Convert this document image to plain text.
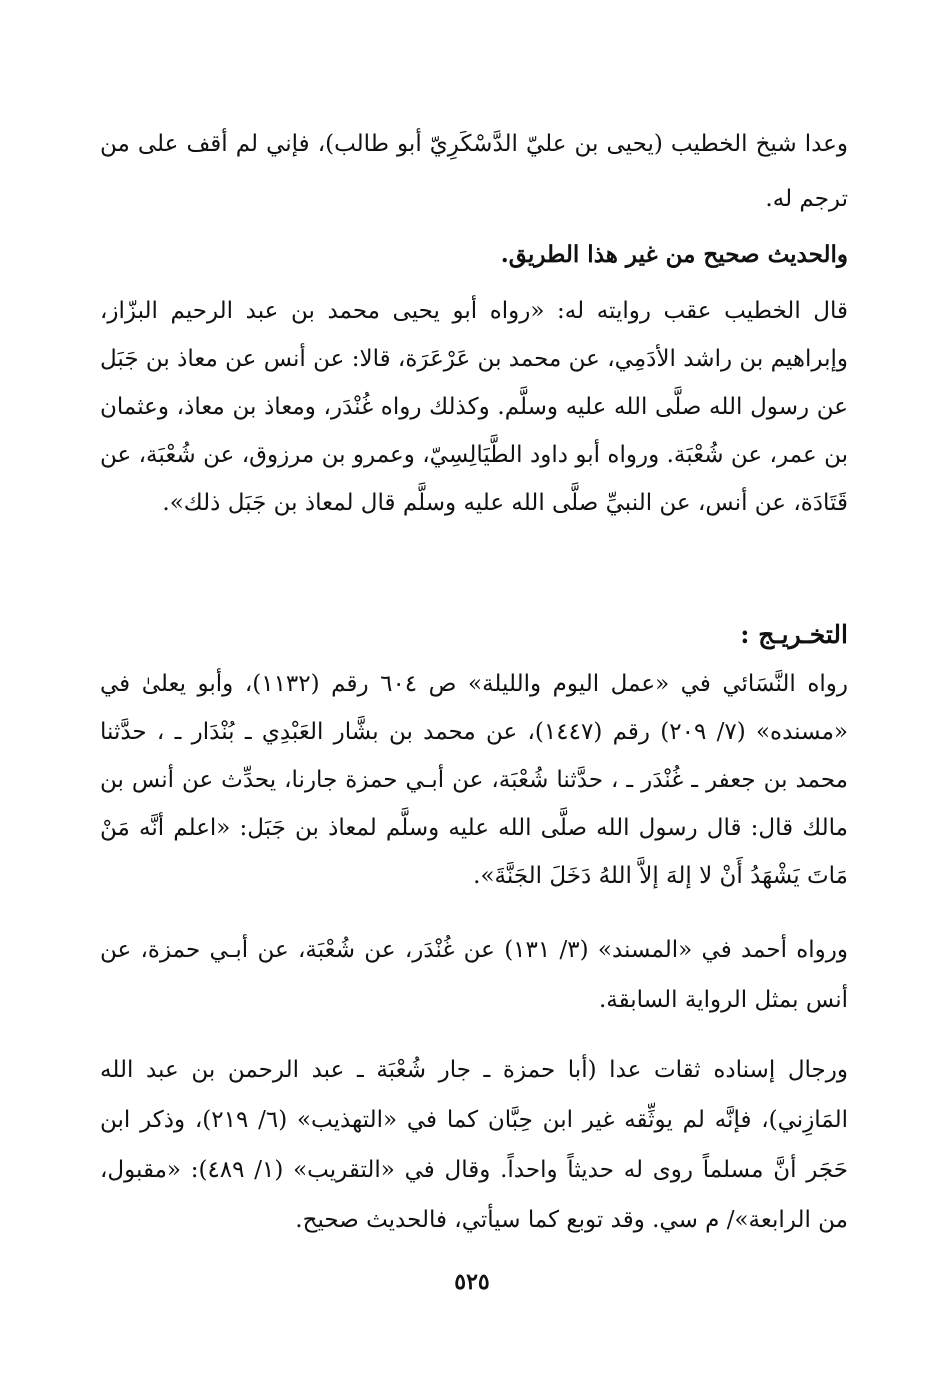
وعدا شيخ الخطيب (يحيى بن عليّ الدَّسْكَرِيّ أبو طالب)، فإني لم أقف على من ترجم له.

والحديث صحيح من غير هذا الطريق.

قال الخطيب عقب روايته له: «رواه أبو يحيى محمد بن عبد الرحيم البزّاز، وإبراهيم بن راشد الأدَمِي، عن محمد بن عَرْعَرَة، قالا: عن أنس عن معاذ بن جَبَل عن رسول الله صلَّى الله عليه وسلَّم. وكذلك رواه غُنْدَر، ومعاذ بن معاذ، وعثمان بن عمر، عن شُعْبَة. ورواه أبو داود الطَّيَالِسِيّ، وعمرو بن مرزوق، عن شُعْبَة، عن قَتَادَة، عن أنس، عن النبيِّ صلَّى الله عليه وسلَّم قال لمعاذ بن جَبَل ذلك».

التخـريـج :

رواه النَّسَائي في «عمل اليوم والليلة» ص ٦٠٤ رقم (١١٣٢)، وأبو يعلىٰ في «مسنده» (٧/ ٢٠٩) رقم (١٤٤٧)، عن محمد بن بشَّار العَبْدِي ـ بُنْدَار ـ ، حدَّثنا محمد بن جعفر ـ غُنْدَر ـ ، حدَّثنا شُعْبَة، عن أبـي حمزة جارنا، يحدِّث عن أنس بن مالك قال: قال رسول الله صلَّى الله عليه وسلَّم لمعاذ بن جَبَل: «اعلم أنَّه مَنْ مَاتَ يَشْهَدُ أَنْ لا إلهَ إلاَّ اللهُ دَخَلَ الجَنَّةَ».

ورواه أحمد في «المسند» (٣/ ١٣١) عن غُنْدَر، عن شُعْبَة، عن أبـي حمزة، عن أنس بمثل الرواية السابقة.

ورجال إسناده ثقات عدا (أبا حمزة ـ جار شُعْبَة ـ عبد الرحمن بن عبد الله المَازِني)، فإنَّه لم يوثِّقه غير ابن حِبَّان كما في «التهذيب» (٦/ ٢١٩)، وذكر ابن حَجَر أنَّ مسلماً روى له حديثاً واحداً. وقال في «التقريب» (١/ ٤٨٩): «مقبول، من الرابعة»/ م سي. وقد توبع كما سيأتي، فالحديث صحيح.

٥٢٥
